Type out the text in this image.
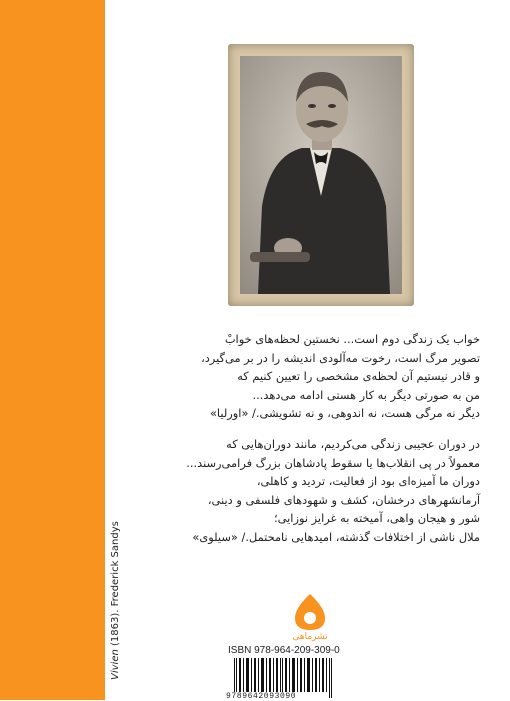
Vivien (1863). Frederick Sandys
خواب یک زندگی دوم است... نخستین لحظه‌های خوابْ
تصویر مرگ است، رخوت مه‌آلودی اندیشه را در بر می‌گیرد،
و قادر نیستیم آن لحظه‌ی مشخصی را تعیین کنیم که
من به صورتی دیگر به کار هستی ادامه می‌دهد...
دیگر نه مرگی هست، نه اندوهی، و نه تشویشی./ «اورلیا»
در دوران عجیبی زندگی می‌کردیم، مانند دوران‌هایی که
معمولاً در پی انقلاب‌ها یا سقوط پادشاهان بزرگ فرامی‌رسند...
دوران ما آمیزه‌ای بود از فعالیت، تردید و کاهلی،
آرمانشهرهای درخشان، کشف و شهودهای فلسفی و دینی،
شور و هیجان واهی، آمیخته به غرایز نوزایی؛
ملال ناشی از اختلافات گذشته، امیدهایی نامحتمل./ «سیلوی»
نشرماهی
ISBN 978-964-209-309-0
9789642093090
